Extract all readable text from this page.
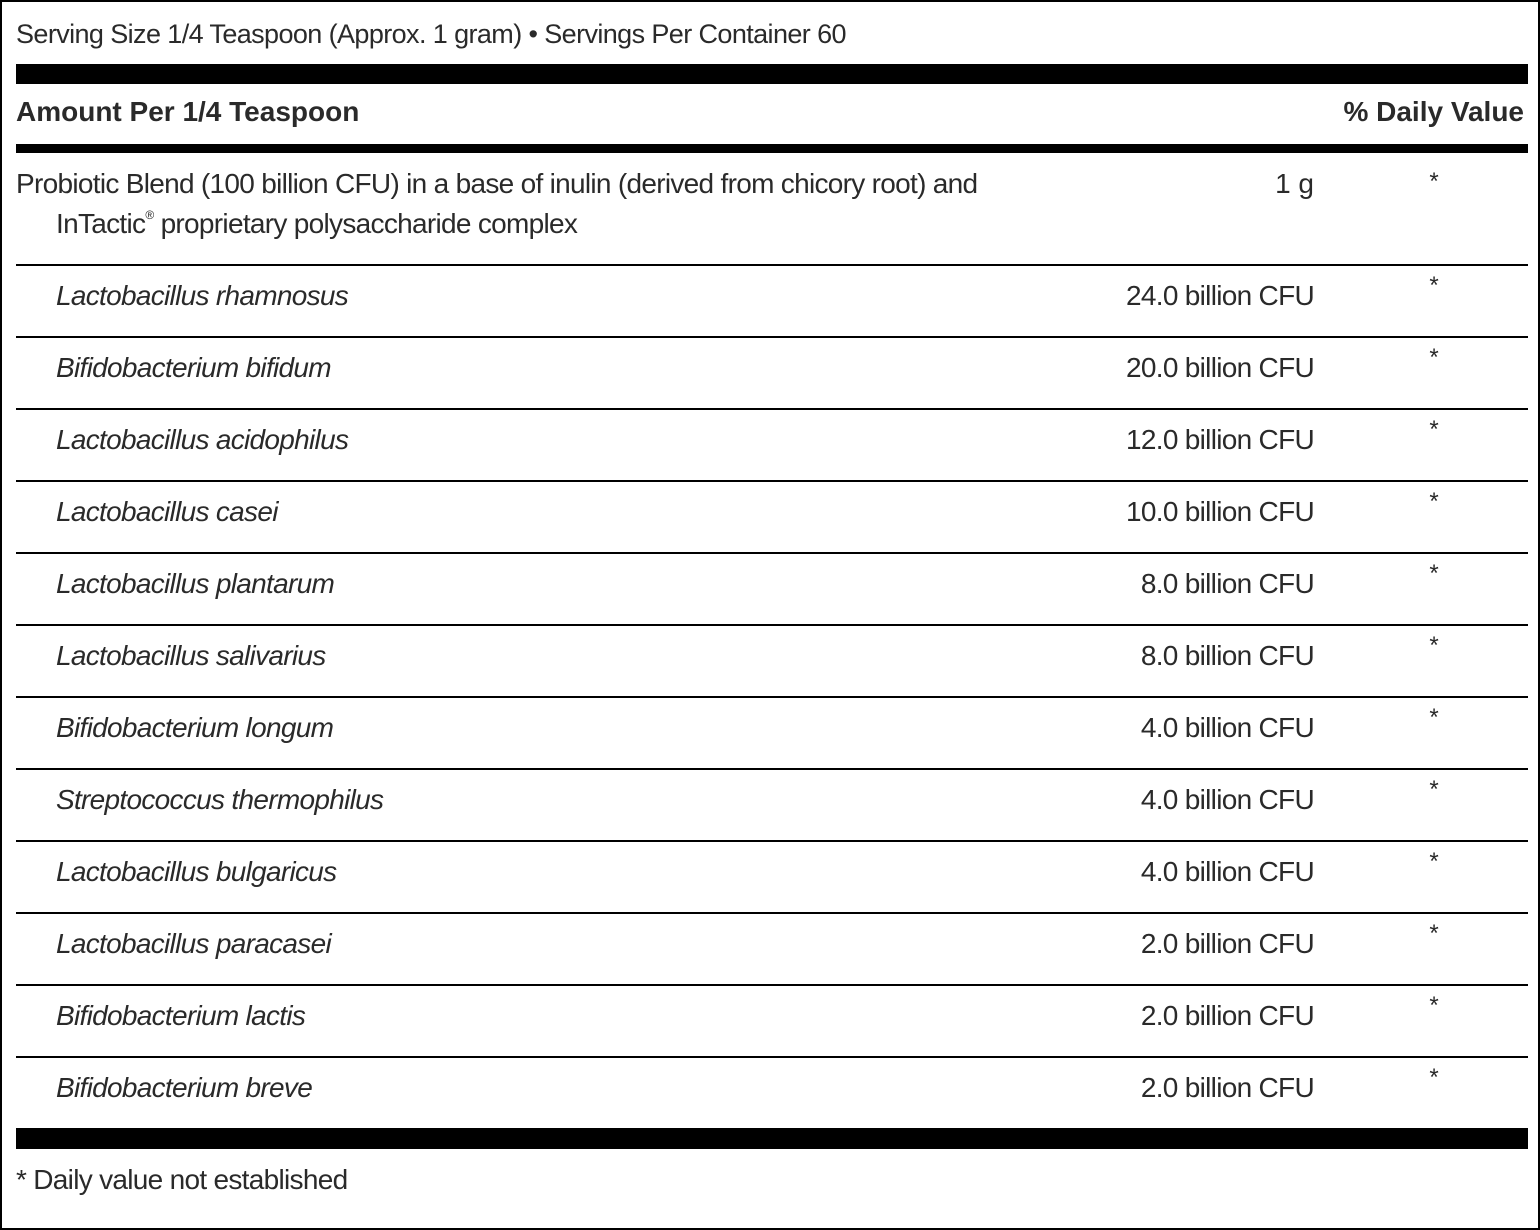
Serving Size 1/4 Teaspoon (Approx. 1 gram) • Servings Per Container 60
Amount Per 1/4 Teaspoon	% Daily Value
Probiotic Blend (100 billion CFU) in a base of inulin (derived from chicory root) and
InTactic® proprietary polysaccharide complex
1 g	*
Lactobacillus rhamnosus	24.0 billion CFU	*
Bifidobacterium bifidum	20.0 billion CFU	*
Lactobacillus acidophilus	12.0 billion CFU	*
Lactobacillus casei	10.0 billion CFU	*
Lactobacillus plantarum	8.0 billion CFU	*
Lactobacillus salivarius	8.0 billion CFU	*
Bifidobacterium longum	4.0 billion CFU	*
Streptococcus thermophilus	4.0 billion CFU	*
Lactobacillus bulgaricus	4.0 billion CFU	*
Lactobacillus paracasei	2.0 billion CFU	*
Bifidobacterium lactis	2.0 billion CFU	*
Bifidobacterium breve	2.0 billion CFU	*
* Daily value not established
